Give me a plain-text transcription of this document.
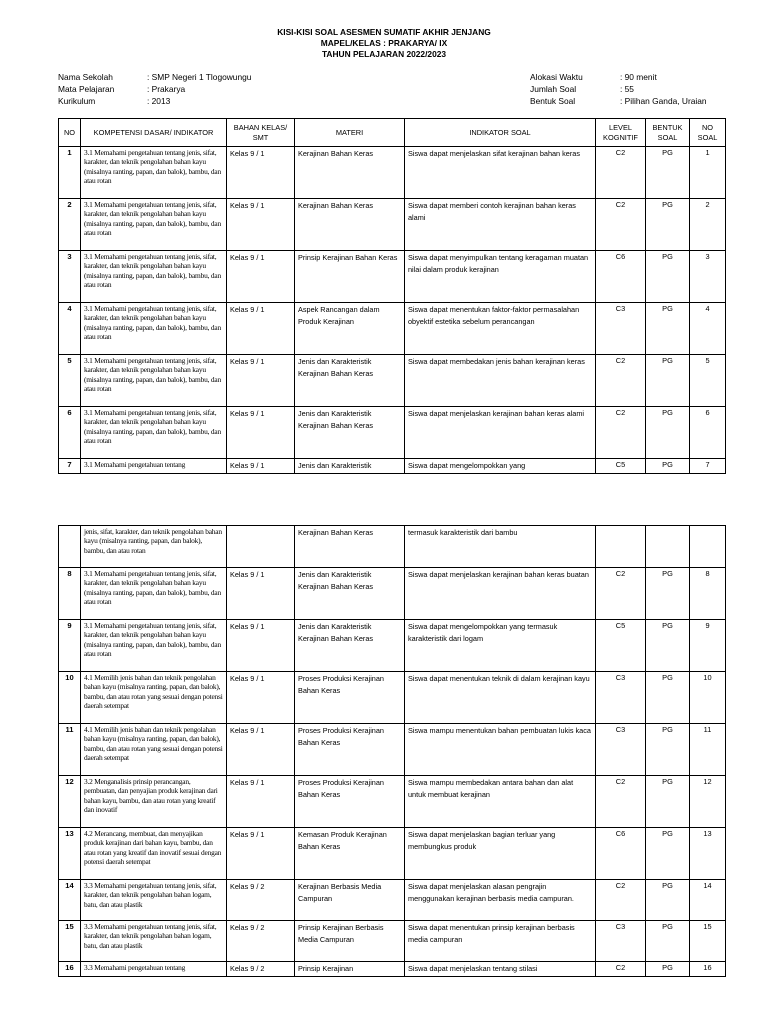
KISI-KISI SOAL ASESMEN SUMATIF AKHIR JENJANG
MAPEL/KELAS : PRAKARYA/ IX
TAHUN PELAJARAN 2022/2023
Nama Sekolah	: SMP Negeri 1 Tlogowungu
Mata Pelajaran	: Prakarya
Kurikulum	: 2013
Alokasi Waktu	: 90 menit
Jumlah Soal	: 55
Bentuk Soal	: Pilihan Ganda, Uraian
NO	KOMPETENSI DASAR/ INDIKATOR	BAHAN KELAS/ SMT	MATERI	INDIKATOR SOAL	LEVEL KOGNITIF	BENTUK SOAL	NO SOAL
1	3.1 Memahami pengetahuan tentang jenis, sifat, karakter, dan teknik pengolahan bahan kayu (misalnya ranting, papan, dan balok), bambu, dan atau rotan	Kelas 9 / 1	Kerajinan Bahan Keras	Siswa dapat menjelaskan sifat kerajinan bahan keras	C2	PG	1
2	3.1 Memahami pengetahuan tentang jenis, sifat, karakter, dan teknik pengolahan bahan kayu (misalnya ranting, papan, dan balok), bambu, dan atau rotan	Kelas 9 / 1	Kerajinan Bahan Keras	Siswa dapat memberi contoh kerajinan bahan keras alami	C2	PG	2
3	3.1 Memahami pengetahuan tentang jenis, sifat, karakter, dan teknik pengolahan bahan kayu (misalnya ranting, papan, dan balok), bambu, dan atau rotan	Kelas 9 / 1	Prinsip Kerajinan Bahan Keras	Siswa dapat menyimpulkan tentang keragaman muatan nilai dalam produk kerajinan	C6	PG	3
4	3.1 Memahami pengetahuan tentang jenis, sifat, karakter, dan teknik pengolahan bahan kayu (misalnya ranting, papan, dan balok), bambu, dan atau rotan	Kelas 9 / 1	Aspek Rancangan dalam Produk Kerajinan	Siswa dapat menentukan faktor-faktor permasalahan obyektif estetika sebelum perancangan	C3	PG	4
5	3.1 Memahami pengetahuan tentang jenis, sifat, karakter, dan teknik pengolahan bahan kayu (misalnya ranting, papan, dan balok), bambu, dan atau rotan	Kelas 9 / 1	Jenis dan Karakteristik Kerajinan Bahan Keras	Siswa dapat membedakan jenis bahan kerajinan keras	C2	PG	5
6	3.1 Memahami pengetahuan tentang jenis, sifat, karakter, dan teknik pengolahan bahan kayu (misalnya ranting, papan, dan balok), bambu, dan atau rotan	Kelas 9 / 1	Jenis dan Karakteristik Kerajinan Bahan Keras	Siswa dapat menjelaskan kerajinan bahan keras alami	C2	PG	6
7	3.1 Memahami pengetahuan tentang	Kelas 9 / 1	Jenis dan Karakteristik	Siswa dapat mengelompokkan yang	C5	PG	7
	jenis, sifat, karakter, dan teknik pengolahan bahan kayu (misalnya ranting, papan, dan balok), bambu, dan atau rotan		Kerajinan Bahan Keras	termasuk karakteristik dari bambu			
8	3.1 Memahami pengetahuan tentang jenis, sifat, karakter, dan teknik pengolahan bahan kayu (misalnya ranting, papan, dan balok), bambu, dan atau rotan	Kelas 9 / 1	Jenis dan Karakteristik Kerajinan Bahan Keras	Siswa dapat menjelaskan kerajinan bahan keras buatan	C2	PG	8
9	3.1 Memahami pengetahuan tentang jenis, sifat, karakter, dan teknik pengolahan bahan kayu (misalnya ranting, papan, dan balok), bambu, dan atau rotan	Kelas 9 / 1	Jenis dan Karakteristik Kerajinan Bahan Keras	Siswa dapat mengelompokkan yang termasuk karakteristik dari logam	C5	PG	9
10	4.1 Memilih jenis bahan dan teknik pengolahan bahan kayu (misalnya ranting, papan, dan balok), bambu, dan atau rotan yang sesuai dengan potensi daerah setempat	Kelas 9 / 1	Proses Produksi Kerajinan Bahan Keras	Siswa dapat menentukan teknik di dalam kerajinan kayu	C3	PG	10
11	4.1 Memilih jenis bahan dan teknik pengolahan bahan kayu (misalnya ranting, papan, dan balok), bambu, dan atau rotan yang sesuai dengan potensi daerah setempat	Kelas 9 / 1	Proses Produksi Kerajinan Bahan Keras	Siswa mampu menentukan bahan pembuatan lukis kaca	C3	PG	11
12	3.2 Menganalisis prinsip perancangan, pembuatan, dan penyajian produk kerajinan dari bahan kayu, bambu, dan atau rotan yang kreatif dan inovatif	Kelas 9 / 1	Proses Produksi Kerajinan Bahan Keras	Siswa mampu membedakan antara bahan dan alat untuk membuat kerajinan	C2	PG	12
13	4.2 Merancang, membuat, dan menyajikan produk kerajinan dari bahan kayu, bambu, dan atau rotan yang kreatif dan inovatif sesuai dengan potensi daerah setempat	Kelas 9 / 1	Kemasan Produk Kerajinan Bahan Keras	Siswa dapat menjelaskan bagian terluar yang membungkus produk	C6	PG	13
14	3.3 Memahami pengetahuan tentang jenis, sifat, karakter, dan teknik pengolahan bahan logam, batu, dan atau plastik	Kelas 9 / 2	Kerajinan Berbasis Media Campuran	Siswa dapat menjelaskan alasan pengrajin menggunakan kerajinan berbasis media campuran.	C2	PG	14
15	3.3 Memahami pengetahuan tentang jenis, sifat, karakter, dan teknik pengolahan bahan logam, batu, dan atau plastik	Kelas 9 / 2	Prinsip Kerajinan Berbasis Media Campuran	Siswa dapat menentukan prinsip kerajinan berbasis media campuran	C3	PG	15
16	3.3 Memahami pengetahuan tentang	Kelas 9 / 2	Prinsip Kerajinan	Siswa dapat menjelaskan tentang stilasi	C2	PG	16
